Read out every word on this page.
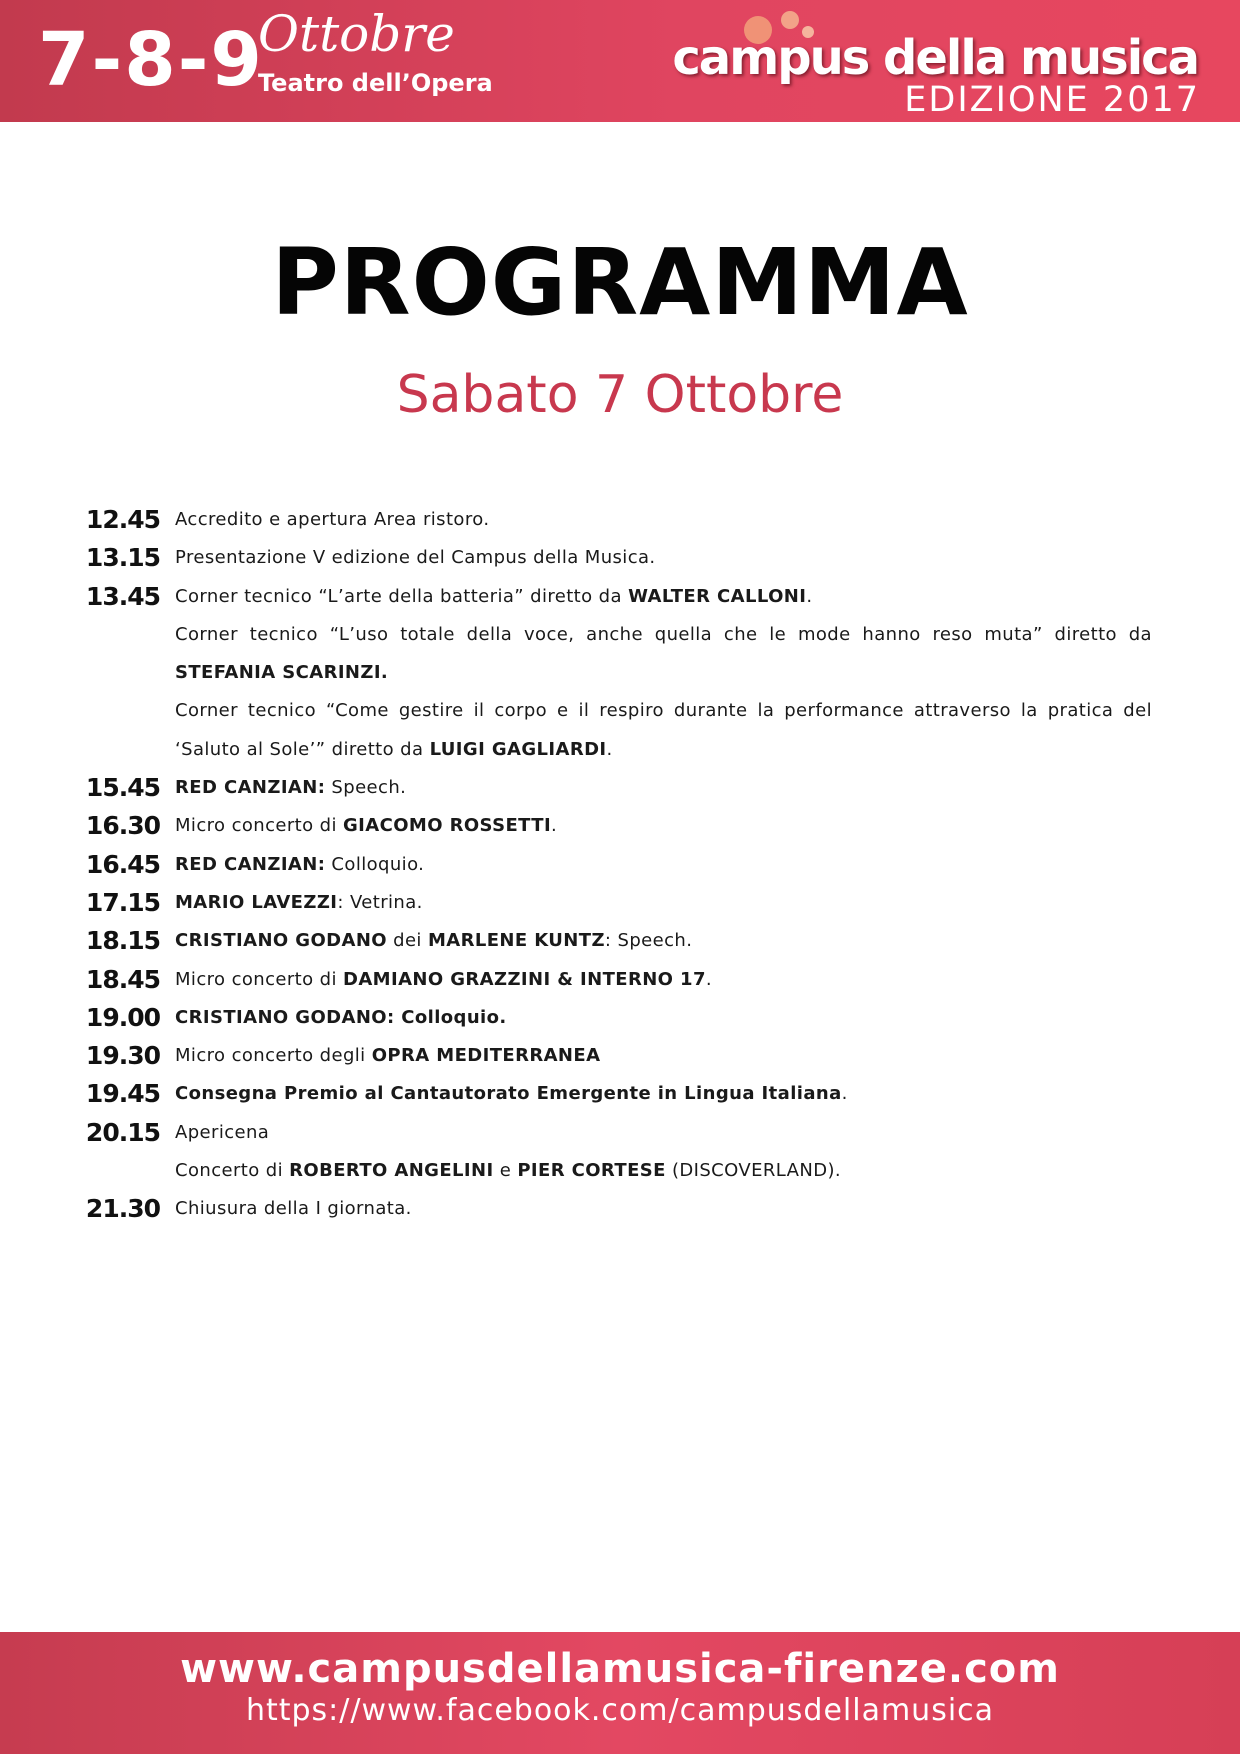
7-8-9
Ottobre
Teatro dell’Opera	campus della musica
EDIZIONE 2017
PROGRAMMA
Sabato 7 Ottobre
12.45 Accredito e apertura Area ristoro.
13.15 Presentazione V edizione del Campus della Musica.
13.45 Corner tecnico “L’arte della batteria” diretto da WALTER CALLONI.
Corner tecnico “L’uso totale della voce, anche quella che le mode hanno reso muta” diretto da STEFANIA SCARINZI.
Corner tecnico “Come gestire il corpo e il respiro durante la performance attraverso la pratica del ‘Saluto al Sole’” diretto da LUIGI GAGLIARDI.
15.45 RED CANZIAN: Speech.
16.30 Micro concerto di GIACOMO ROSSETTI.
16.45 RED CANZIAN: Colloquio.
17.15 MARIO LAVEZZI: Vetrina.
18.15 CRISTIANO GODANO dei MARLENE KUNTZ: Speech.
18.45 Micro concerto di DAMIANO GRAZZINI & INTERNO 17.
19.00 CRISTIANO GODANO: Colloquio.
19.30 Micro concerto degli OPRA MEDITERRANEA
19.45 Consegna Premio al Cantautorato Emergente in Lingua Italiana.
20.15 Apericena
Concerto di ROBERTO ANGELINI e PIER CORTESE (DISCOVERLAND).
21.30 Chiusura della I giornata.
www.campusdellamusica-firenze.com
https://www.facebook.com/campusdellamusica
